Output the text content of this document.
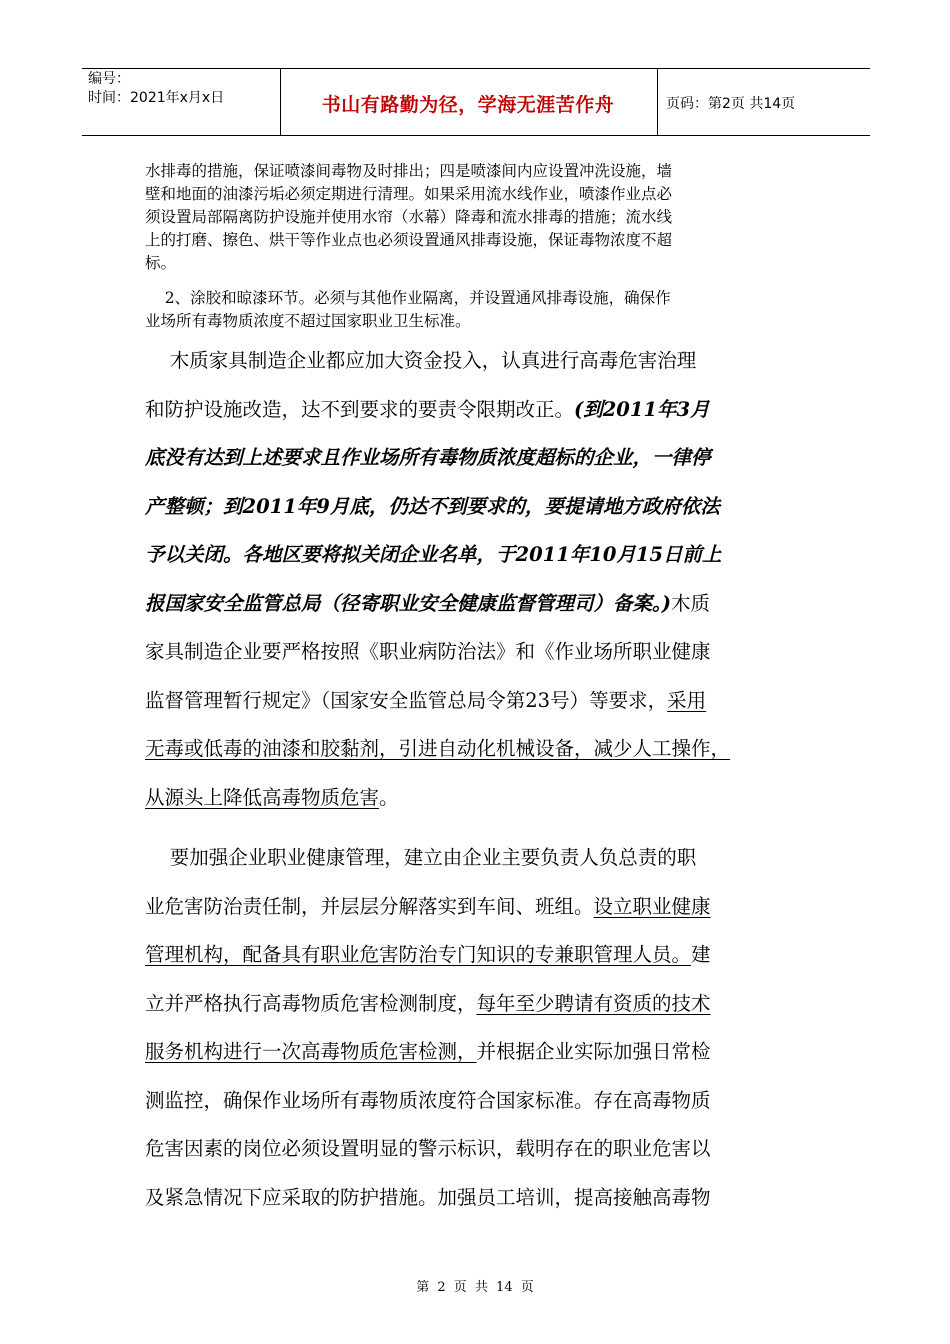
编号：
时间：2021年x月x日	书山有路勤为径，学海无涯苦作舟	页码：第2页 共14页
水排毒的措施，保证喷漆间毒物及时排出；四是喷漆间内应设置冲洗设施，墙
壁和地面的油漆污垢必须定期进行清理。如果采用流水线作业，喷漆作业点必
须设置局部隔离防护设施并使用水帘（水幕）降毒和流水排毒的措施；流水线
上的打磨、擦色、烘干等作业点也必须设置通风排毒设施，保证毒物浓度不超
标。
2、涂胶和晾漆环节。必须与其他作业隔离，并设置通风排毒设施，确保作
业场所有毒物质浓度不超过国家职业卫生标准。
木质家具制造企业都应加大资金投入，认真进行高毒危害治理
和防护设施改造，达不到要求的要责令限期改正。(到2011年3月
底没有达到上述要求且作业场所有毒物质浓度超标的企业，一律停
产整顿；到2011年9月底，仍达不到要求的，要提请地方政府依法
予以关闭。各地区要将拟关闭企业名单，于2011年10月15日前上
报国家安全监管总局（径寄职业安全健康监督管理司）备案。)木质
家具制造企业要严格按照《职业病防治法》和《作业场所职业健康
监督管理暂行规定》（国家安全监管总局令第23号）等要求，采用
无毒或低毒的油漆和胶黏剂，引进自动化机械设备，减少人工操作，
从源头上降低高毒物质危害。
要加强企业职业健康管理，建立由企业主要负责人负总责的职
业危害防治责任制，并层层分解落实到车间、班组。设立职业健康
管理机构，配备具有职业危害防治专门知识的专兼职管理人员。建
立并严格执行高毒物质危害检测制度，每年至少聘请有资质的技术
服务机构进行一次高毒物质危害检测，并根据企业实际加强日常检
测监控，确保作业场所有毒物质浓度符合国家标准。存在高毒物质
危害因素的岗位必须设置明显的警示标识，载明存在的职业危害以
及紧急情况下应采取的防护措施。加强员工培训，提高接触高毒物
第 2 页 共 14 页
